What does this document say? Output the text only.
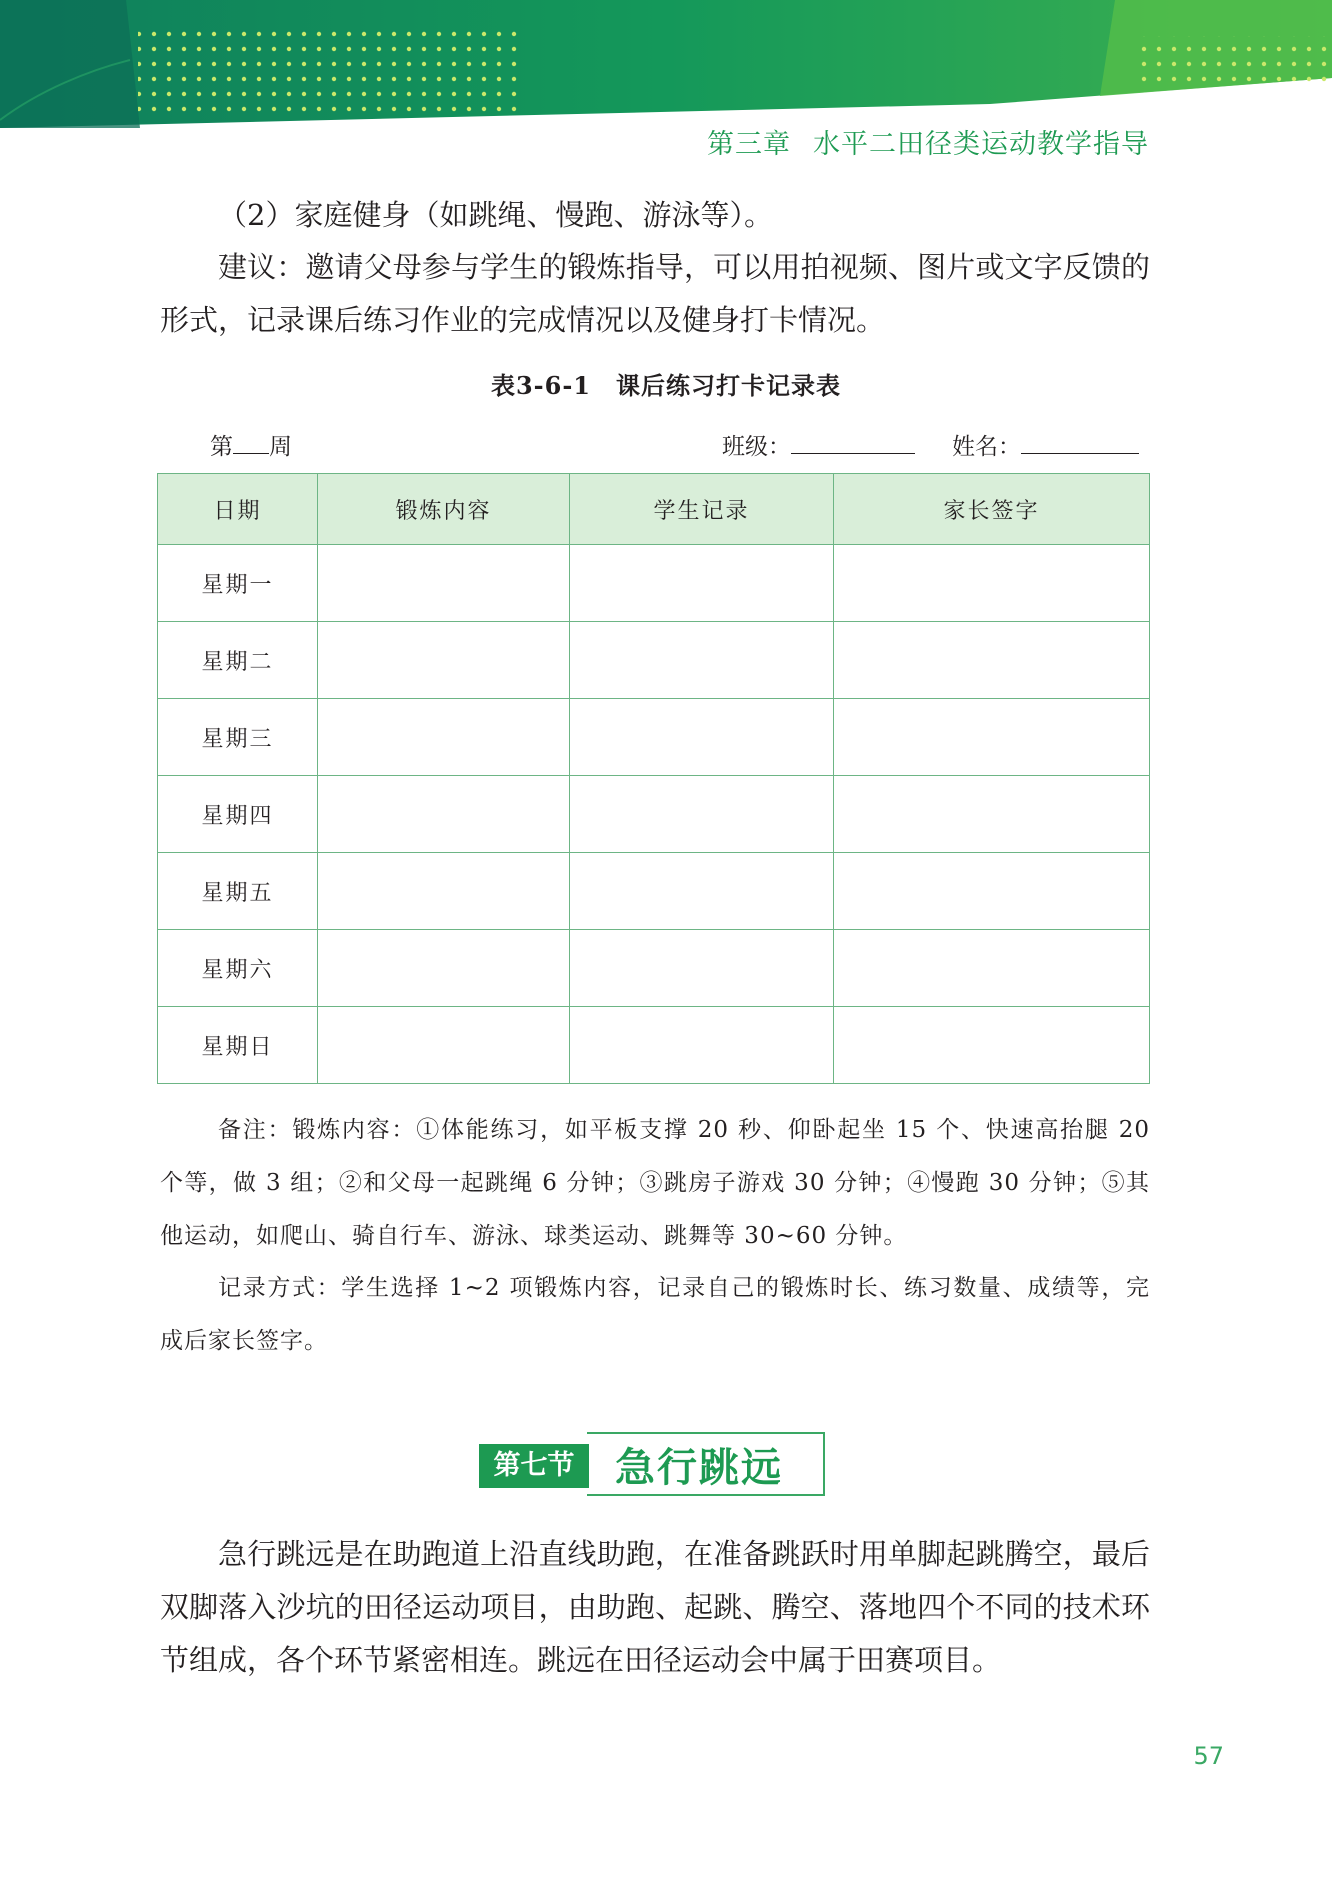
第三章 水平二田径类运动教学指导

（2）家庭健身（如跳绳、慢跑、游泳等）。

建议：邀请父母参与学生的锻炼指导，可以用拍视频、图片或文字反馈的形式，记录课后练习作业的完成情况以及健身打卡情况。

表3-6-1　课后练习打卡记录表
第 周	班级：	姓名：
日期	锻炼内容	学生记录	家长签字
星期一			
星期二			
星期三			
星期四			
星期五			
星期六			
星期日			

备注：锻炼内容：①体能练习，如平板支撑 20 秒、仰卧起坐 15 个、快速高抬腿 20 个等，做 3 组；②和父母一起跳绳 6 分钟；③跳房子游戏 30 分钟；④慢跑 30 分钟；⑤其他运动，如爬山、骑自行车、游泳、球类运动、跳舞等 30~60 分钟。

记录方式：学生选择 1~2 项锻炼内容，记录自己的锻炼时长、练习数量、成绩等，完成后家长签字。

第七节	急行跳远

急行跳远是在助跑道上沿直线助跑，在准备跳跃时用单脚起跳腾空，最后双脚落入沙坑的田径运动项目，由助跑、起跳、腾空、落地四个不同的技术环节组成，各个环节紧密相连。跳远在田径运动会中属于田赛项目。

57
